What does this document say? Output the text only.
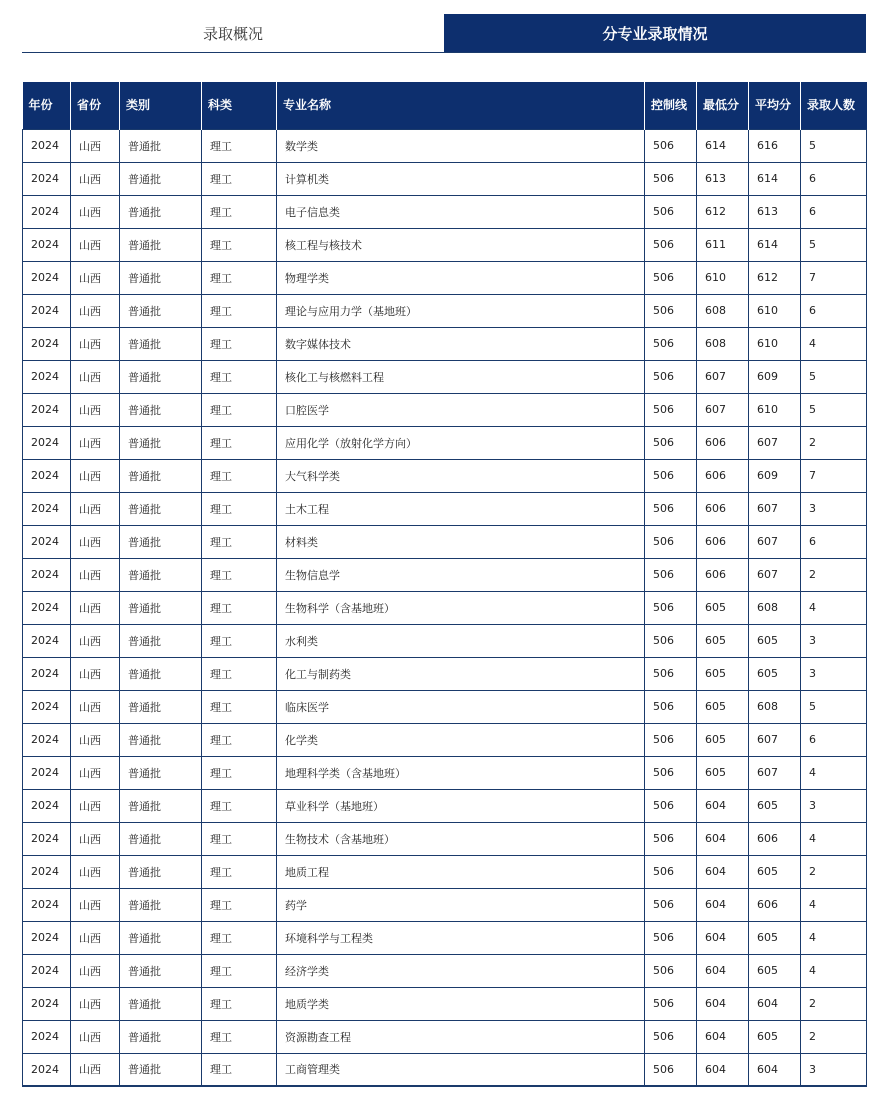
录取概况	分专业录取情况
年份	省份	类别	科类	专业名称	控制线	最低分	平均分	录取人数
2024	山西	普通批	理工	数学类	506	614	616	5
2024	山西	普通批	理工	计算机类	506	613	614	6
2024	山西	普通批	理工	电子信息类	506	612	613	6
2024	山西	普通批	理工	核工程与核技术	506	611	614	5
2024	山西	普通批	理工	物理学类	506	610	612	7
2024	山西	普通批	理工	理论与应用力学（基地班）	506	608	610	6
2024	山西	普通批	理工	数字媒体技术	506	608	610	4
2024	山西	普通批	理工	核化工与核燃料工程	506	607	609	5
2024	山西	普通批	理工	口腔医学	506	607	610	5
2024	山西	普通批	理工	应用化学（放射化学方向）	506	606	607	2
2024	山西	普通批	理工	大气科学类	506	606	609	7
2024	山西	普通批	理工	土木工程	506	606	607	3
2024	山西	普通批	理工	材料类	506	606	607	6
2024	山西	普通批	理工	生物信息学	506	606	607	2
2024	山西	普通批	理工	生物科学（含基地班）	506	605	608	4
2024	山西	普通批	理工	水利类	506	605	605	3
2024	山西	普通批	理工	化工与制药类	506	605	605	3
2024	山西	普通批	理工	临床医学	506	605	608	5
2024	山西	普通批	理工	化学类	506	605	607	6
2024	山西	普通批	理工	地理科学类（含基地班）	506	605	607	4
2024	山西	普通批	理工	草业科学（基地班）	506	604	605	3
2024	山西	普通批	理工	生物技术（含基地班）	506	604	606	4
2024	山西	普通批	理工	地质工程	506	604	605	2
2024	山西	普通批	理工	药学	506	604	606	4
2024	山西	普通批	理工	环境科学与工程类	506	604	605	4
2024	山西	普通批	理工	经济学类	506	604	605	4
2024	山西	普通批	理工	地质学类	506	604	604	2
2024	山西	普通批	理工	资源勘查工程	506	604	605	2
2024	山西	普通批	理工	工商管理类	506	604	604	3
